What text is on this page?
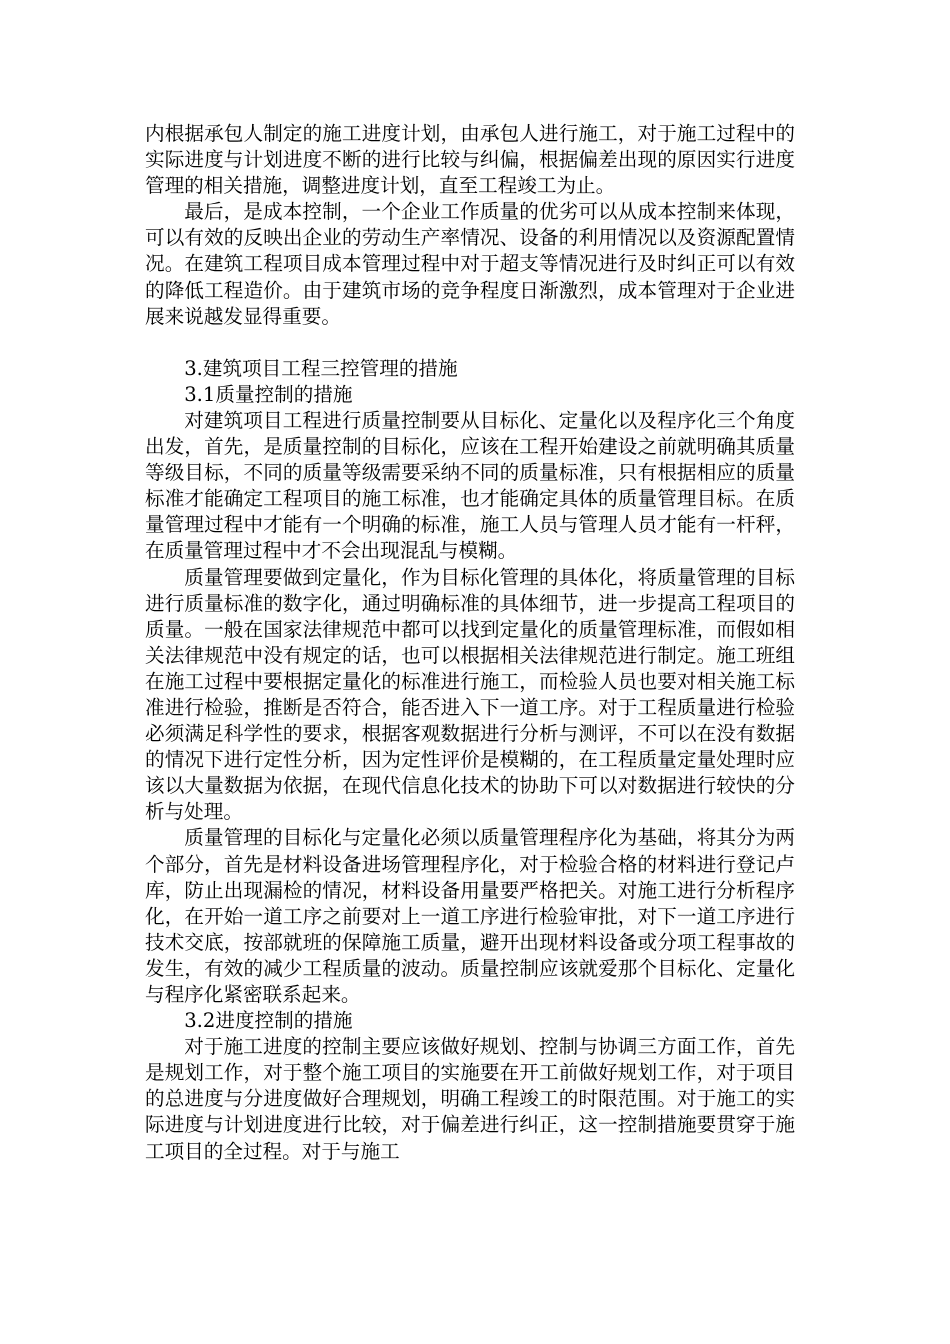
内根据承包人制定的施工进度计划，由承包人进行施工，对于施工过程中的实际进度与计划进度不断的进行比较与纠偏，根据偏差出现的原因实行进度管理的相关措施，调整进度计划，直至工程竣工为止。

最后，是成本控制，一个企业工作质量的优劣可以从成本控制来体现，可以有效的反映出企业的劳动生产率情况、设备的利用情况以及资源配置情况。在建筑工程项目成本管理过程中对于超支等情况进行及时纠正可以有效的降低工程造价。由于建筑市场的竞争程度日渐激烈，成本管理对于企业进展来说越发显得重要。

3.建筑项目工程三控管理的措施
3.1质量控制的措施

对建筑项目工程进行质量控制要从目标化、定量化以及程序化三个角度出发，首先，是质量控制的目标化，应该在工程开始建设之前就明确其质量等级目标，不同的质量等级需要采纳不同的质量标准，只有根据相应的质量标准才能确定工程项目的施工标准，也才能确定具体的质量管理目标。在质量管理过程中才能有一个明确的标准，施工人员与管理人员才能有一杆秤，在质量管理过程中才不会出现混乱与模糊。

质量管理要做到定量化，作为目标化管理的具体化，将质量管理的目标进行质量标准的数字化，通过明确标准的具体细节，进一步提高工程项目的质量。一般在国家法律规范中都可以找到定量化的质量管理标准，而假如相关法律规范中没有规定的话，也可以根据相关法律规范进行制定。施工班组在施工过程中要根据定量化的标准进行施工，而检验人员也要对相关施工标准进行检验，推断是否符合，能否进入下一道工序。对于工程质量进行检验必须满足科学性的要求，根据客观数据进行分析与测评，不可以在没有数据的情况下进行定性分析，因为定性评价是模糊的，在工程质量定量处理时应该以大量数据为依据，在现代信息化技术的协助下可以对数据进行较快的分析与处理。

质量管理的目标化与定量化必须以质量管理程序化为基础，将其分为两个部分，首先是材料设备进场管理程序化，对于检验合格的材料进行登记卢库，防止出现漏检的情况，材料设备用量要严格把关。对施工进行分析程序化，在开始一道工序之前要对上一道工序进行检验审批，对下一道工序进行技术交底，按部就班的保障施工质量，避开出现材料设备或分项工程事故的发生，有效的减少工程质量的波动。质量控制应该就爱那个目标化、定量化与程序化紧密联系起来。

3.2进度控制的措施

对于施工进度的控制主要应该做好规划、控制与协调三方面工作，首先是规划工作，对于整个施工项目的实施要在开工前做好规划工作，对于项目的总进度与分进度做好合理规划，明确工程竣工的时限范围。对于施工的实际进度与计划进度进行比较，对于偏差进行纠正，这一控制措施要贯穿于施工项目的全过程。对于与施工
